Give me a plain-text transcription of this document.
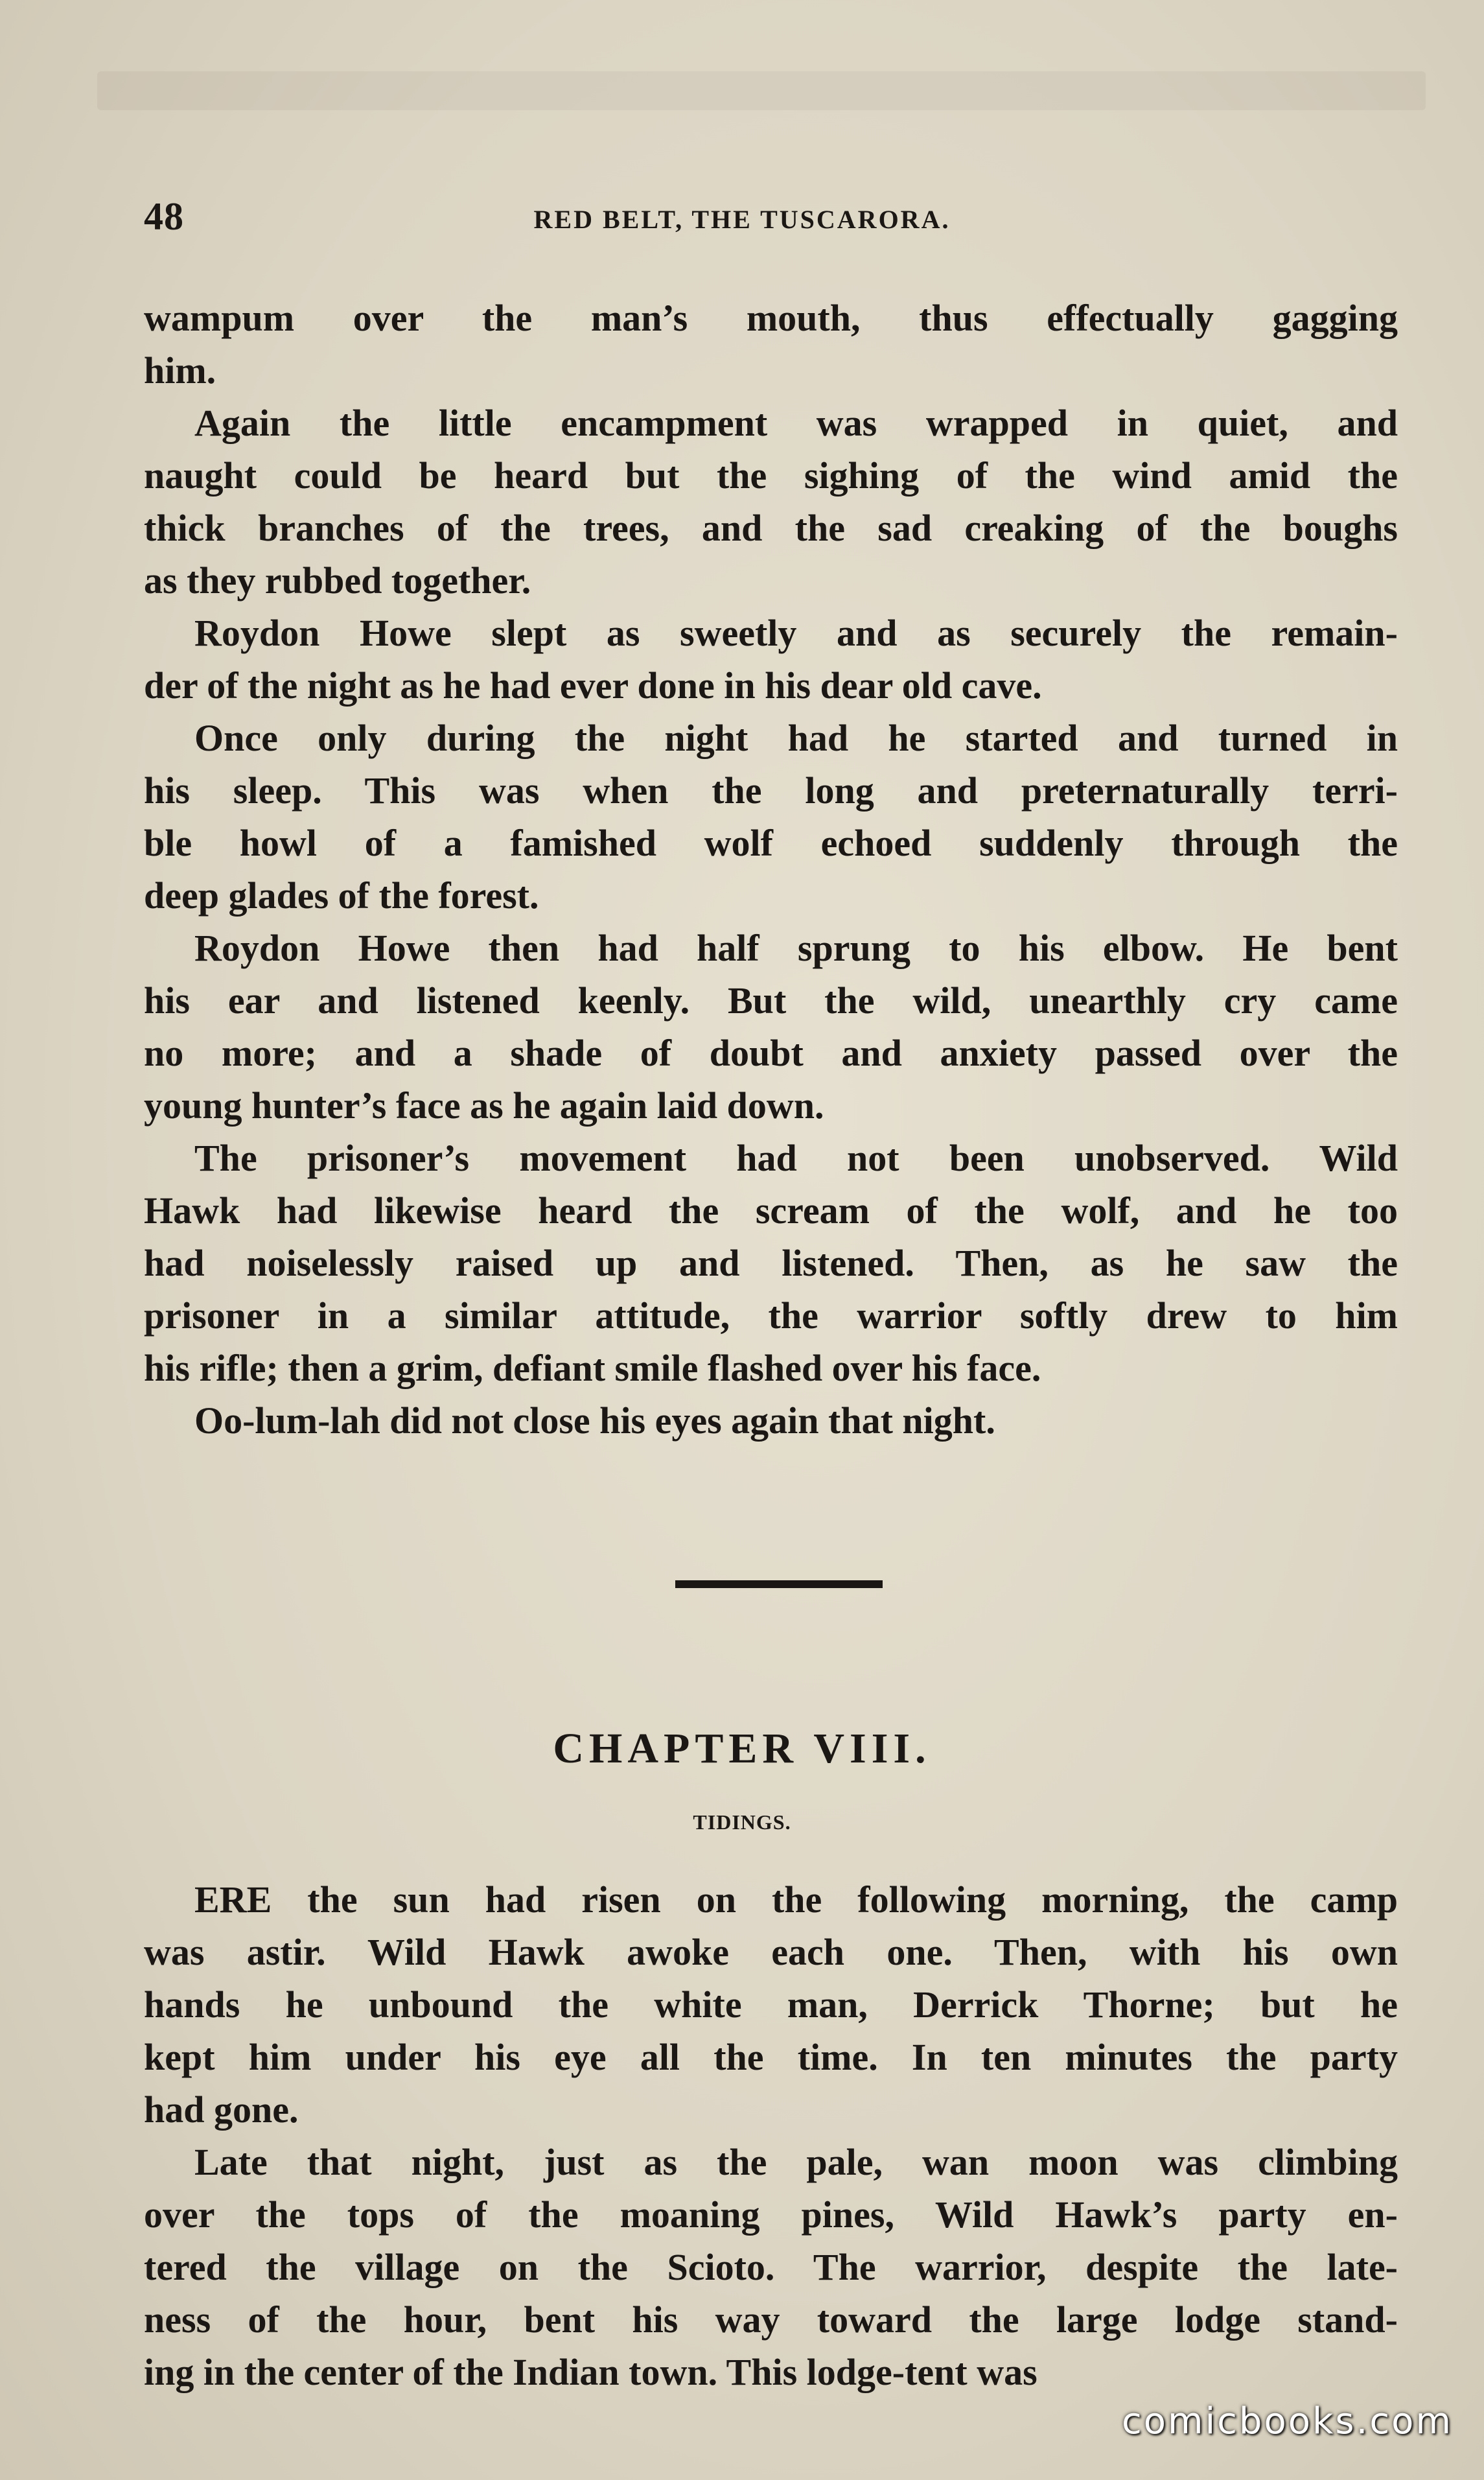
48	RED BELT, THE TUSCARORA.
wampum over the man’s mouth, thus effectually gagging
him.
Again the little encampment was wrapped in quiet, and
naught could be heard but the sighing of the wind amid the
thick branches of the trees, and the sad creaking of the boughs
as they rubbed together.
Roydon Howe slept as sweetly and as securely the remain-
der of the night as he had ever done in his dear old cave.
Once only during the night had he started and turned in
his sleep. This was when the long and preternaturally terri-
ble howl of a famished wolf echoed suddenly through the
deep glades of the forest.
Roydon Howe then had half sprung to his elbow. He bent
his ear and listened keenly. But the wild, unearthly cry came
no more; and a shade of doubt and anxiety passed over the
young hunter’s face as he again laid down.
The prisoner’s movement had not been unobserved. Wild
Hawk had likewise heard the scream of the wolf, and he too
had noiselessly raised up and listened. Then, as he saw the
prisoner in a similar attitude, the warrior softly drew to him
his rifle; then a grim, defiant smile flashed over his face.
Oo-lum-lah did not close his eyes again that night.
CHAPTER VIII.
TIDINGS.
ERE the sun had risen on the following morning, the camp
was astir. Wild Hawk awoke each one. Then, with his own
hands he unbound the white man, Derrick Thorne; but he
kept him under his eye all the time. In ten minutes the party
had gone.
Late that night, just as the pale, wan moon was climbing
over the tops of the moaning pines, Wild Hawk’s party en-
tered the village on the Scioto. The warrior, despite the late-
ness of the hour, bent his way toward the large lodge stand-
ing in the center of the Indian town. This lodge-tent was
comicbooks.com
